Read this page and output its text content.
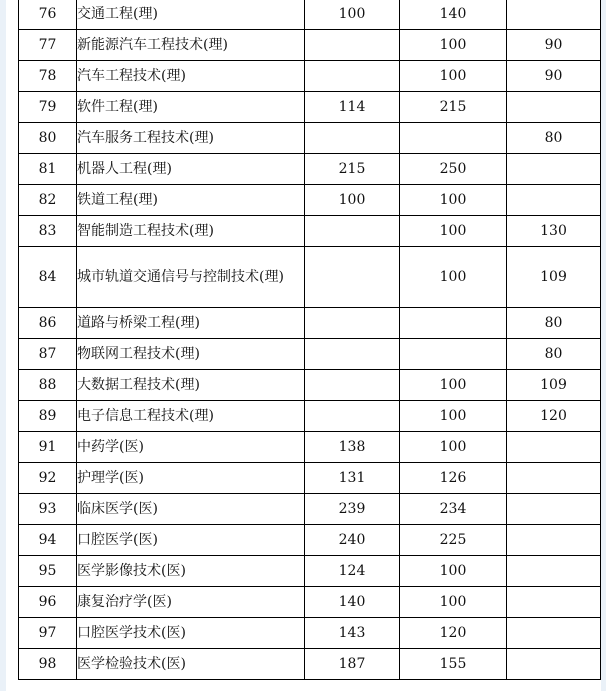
76	交通工程(理)	100	140	
77	新能源汽车工程技术(理)		100	90
78	汽车工程技术(理)		100	90
79	软件工程(理)	114	215	
80	汽车服务工程技术(理)			80
81	机器人工程(理)	215	250	
82	铁道工程(理)	100	100	
83	智能制造工程技术(理)		100	130
84	城市轨道交通信号与控制技术(理)		100	109
86	道路与桥梁工程(理)			80
87	物联网工程技术(理)			80
88	大数据工程技术(理)		100	109
89	电子信息工程技术(理)		100	120
91	中药学(医)	138	100	
92	护理学(医)	131	126	
93	临床医学(医)	239	234	
94	口腔医学(医)	240	225	
95	医学影像技术(医)	124	100	
96	康复治疗学(医)	140	100	
97	口腔医学技术(医)	143	120	
98	医学检验技术(医)	187	155	
